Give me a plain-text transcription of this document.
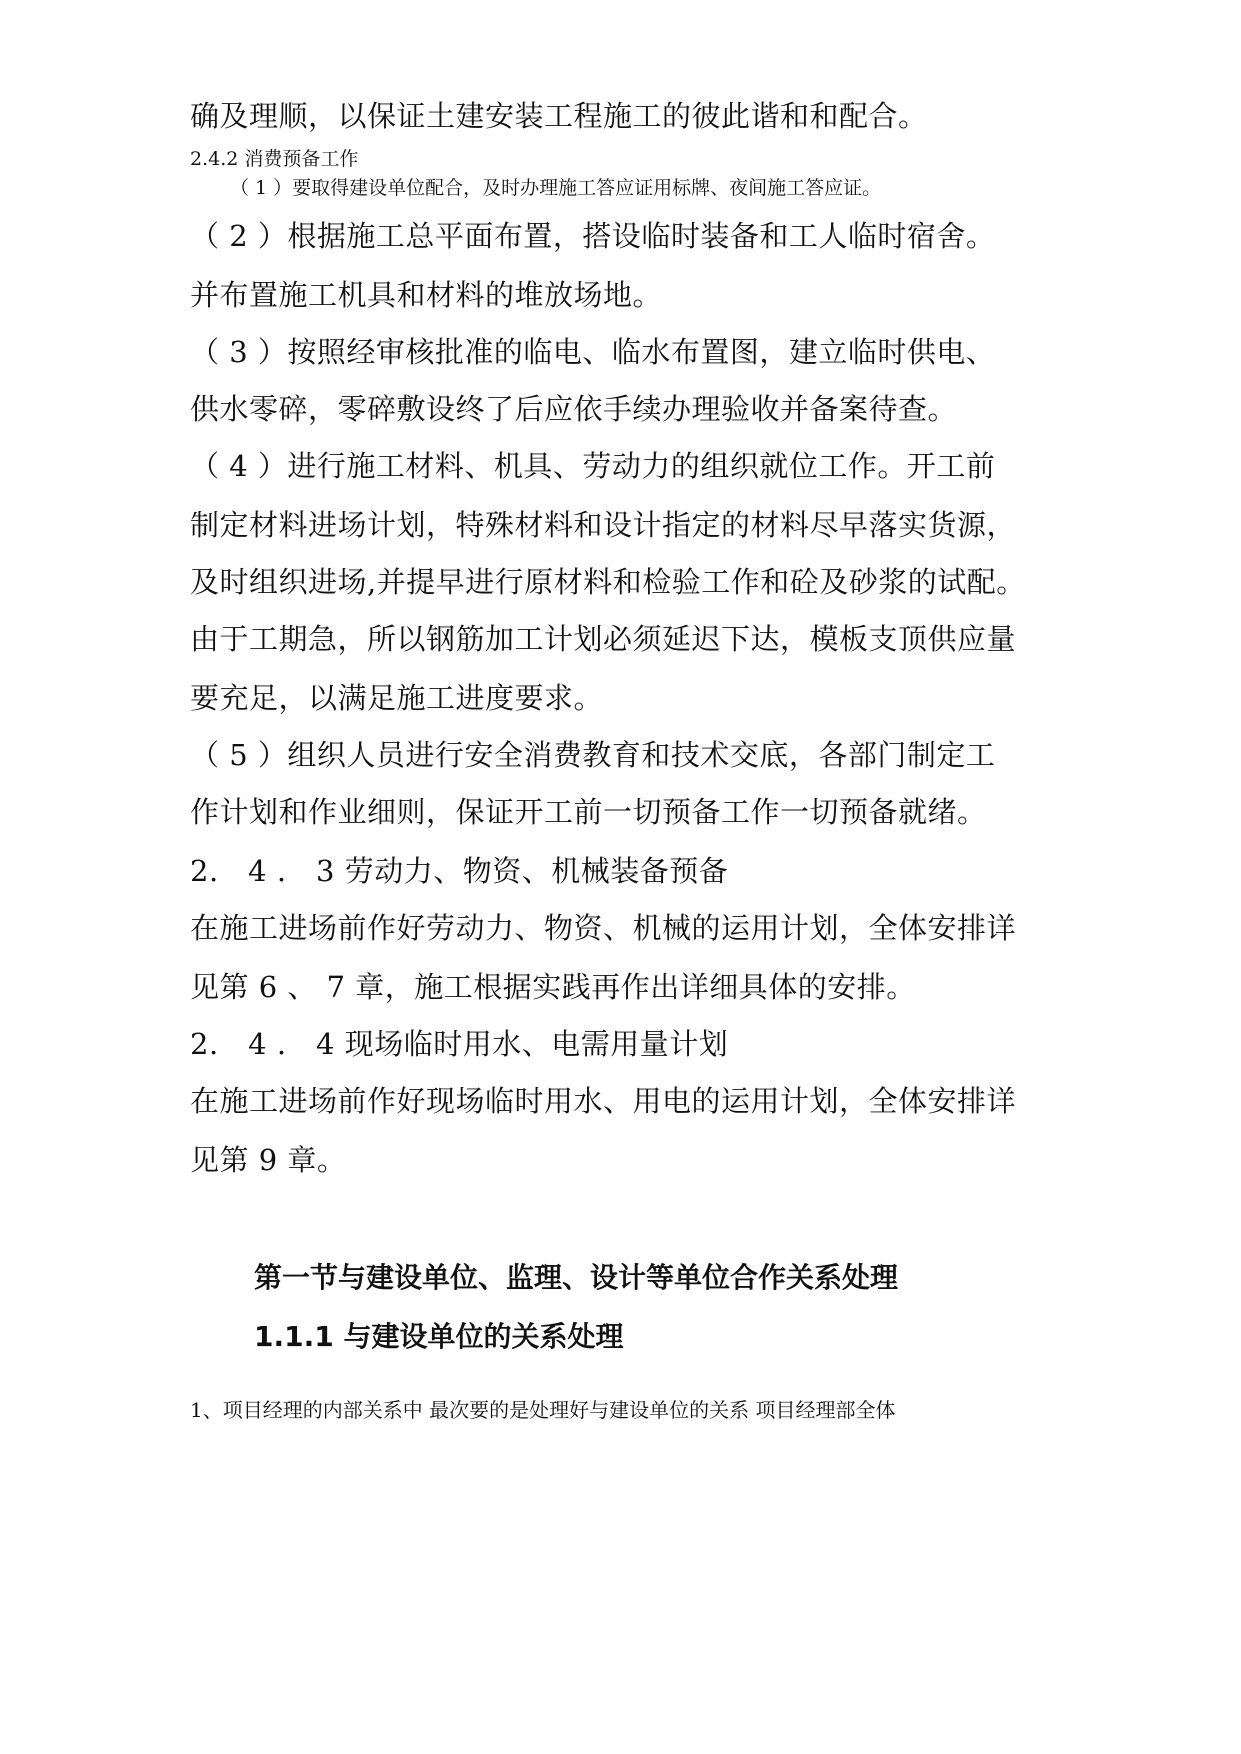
确及理顺，以保证土建安装工程施工的彼此谐和和配合。

2.4.2 消费预备工作

（ 1 ）要取得建设单位配合，及时办理施工答应证用标牌、夜间施工答应证。

（ 2 ）根据施工总平面布置，搭设临时装备和工人临时宿舍。

并布置施工机具和材料的堆放场地。

（ 3 ）按照经审核批准的临电、临水布置图，建立临时供电、

供水零碎，零碎敷设终了后应依手续办理验收并备案待查。

（ 4 ）进行施工材料、机具、劳动力的组织就位工作。开工前

制定材料进场计划，特殊材料和设计指定的材料尽早落实货源，

及时组织进场,并提早进行原材料和检验工作和砼及砂浆的试配。

由于工期急，所以钢筋加工计划必须延迟下达，模板支顶供应量

要充足，以满足施工进度要求。

（ 5 ）组织人员进行安全消费教育和技术交底，各部门制定工

作计划和作业细则，保证开工前一切预备工作一切预备就绪。

2.　4 .　3 劳动力、物资、机械装备预备

在施工进场前作好劳动力、物资、机械的运用计划，全体安排详

见第 6 、 7 章，施工根据实践再作出详细具体的安排。

2.　4 .　4 现场临时用水、电需用量计划

在施工进场前作好现场临时用水、用电的运用计划，全体安排详

见第 9 章。

第一节与建设单位、监理、设计等单位合作关系处理

1.1.1 与建设单位的关系处理

1、项目经理的内部关系中 最次要的是处理好与建设单位的关系 项目经理部全体
